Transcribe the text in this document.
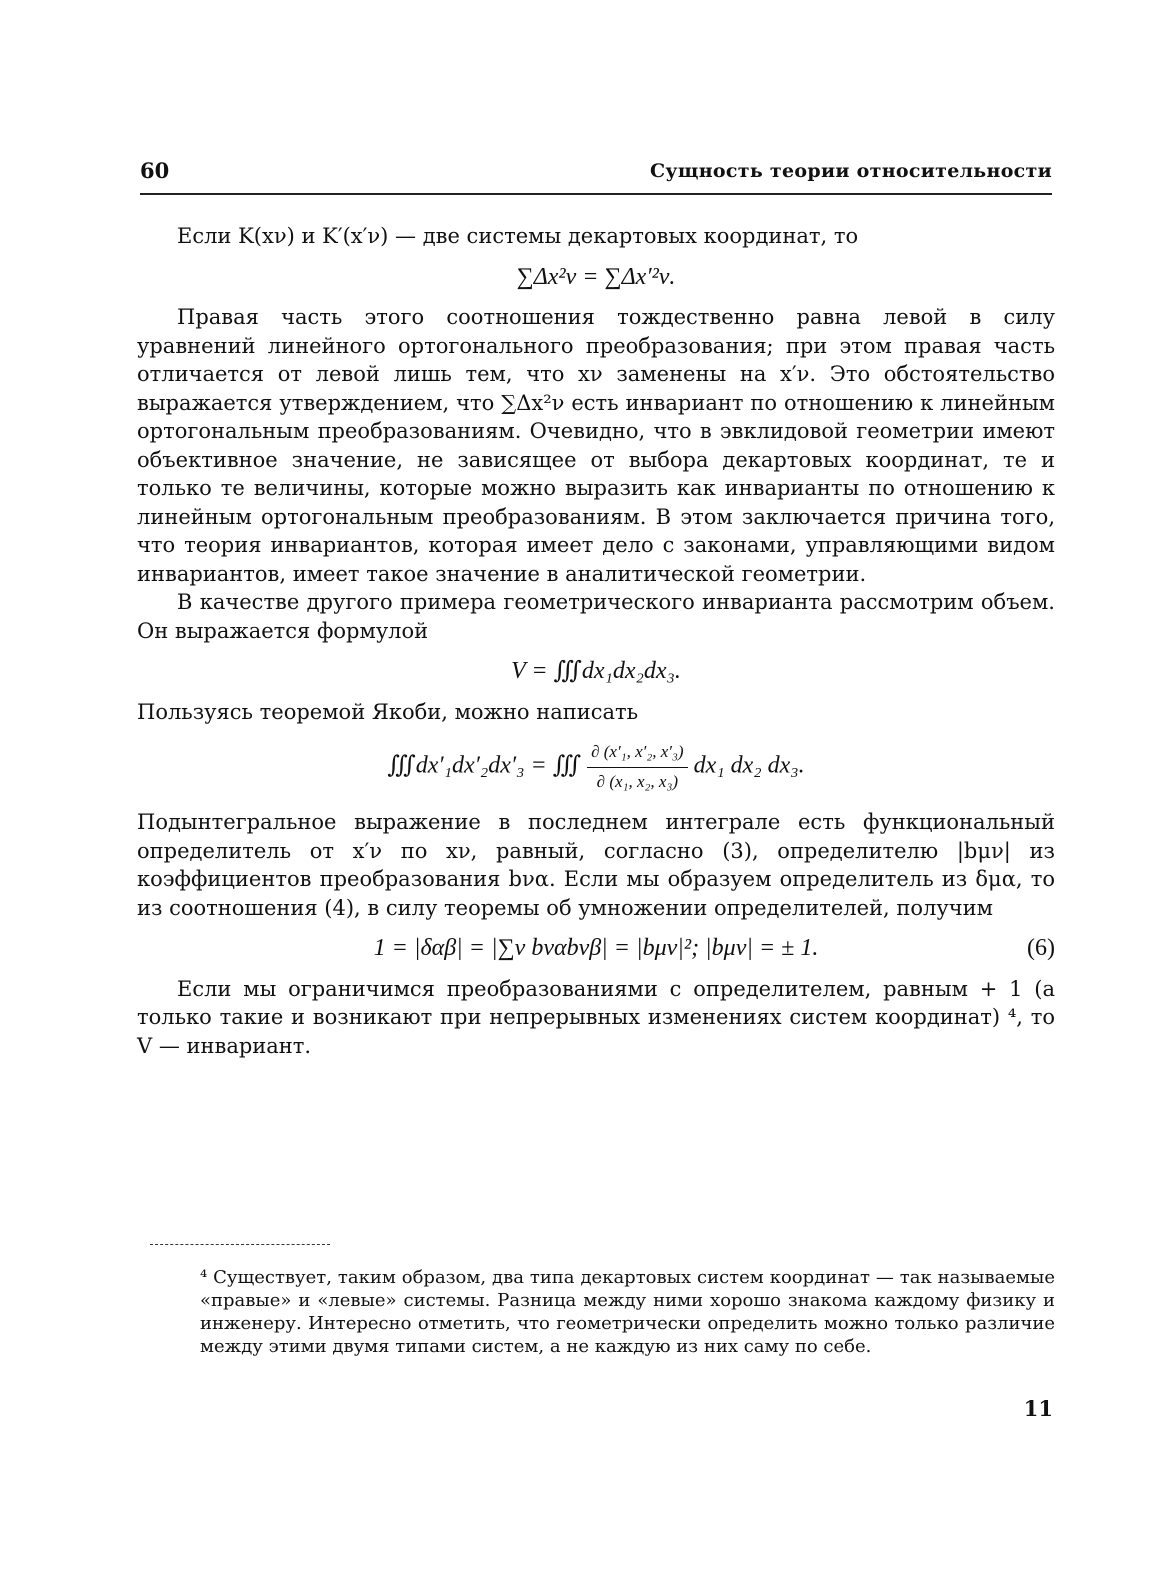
60	Сущность теории относительности

Если K(xν) и K′(x′ν) — две системы декартовых координат, то

∑Δx²ν = ∑Δx′²ν.

Правая часть этого соотношения тождественно равна левой в силу уравнений линейного ортогонального преобразования; при этом правая часть отличается от левой лишь тем, что xν заменены на x′ν. Это обстоятельство выражается утверждением, что ∑Δx²ν есть инвариант по отношению к линейным ортогональным преобразованиям. Очевидно, что в эвклидовой геометрии имеют объективное значение, не зависящее от выбора декартовых координат, те и только те величины, которые можно выразить как инварианты по отношению к линейным ортогональным преобразованиям. В этом заключается причина того, что теория инвариантов, которая имеет дело с законами, управляющими видом инвариантов, имеет такое значение в аналитической геометрии.

В качестве другого примера геометрического инварианта рассмотрим объем. Он выражается формулой

V = ∭dx₁dx₂dx₃.

Пользуясь теоремой Якоби, можно написать

∭dx′₁dx′₂dx′₃ = ∭ $\frac{\text{∂ (x′₁, x′₂, x′₃)}}{\text{∂ (x₁, x₂, x₃)}} dx_1$ dx₂ dx₃.

Подынтегральное выражение в последнем интеграле есть функциональный определитель от x′ν по xν, равный, согласно (3), определителю |bμν| из коэффициентов преобразования bνα. Если мы образуем определитель из δμα, то из соотношения (4), в силу теоремы об умножении определителей, получим

1 = |δαβ| = |∑ν bναbνβ| = |bμν|²; |bμν| = ± 1.	(6)

Если мы ограничимся преобразованиями с определителем, равным + 1 (а только такие и возникают при непрерывных изменениях систем координат) ⁴, то V — инвариант.

⁴ Существует, таким образом, два типа декартовых систем координат — так называемые «правые» и «левые» системы. Разница между ними хорошо знакома каждому физику и инженеру. Интересно отметить, что геометрически определить можно только различие между этими двумя типами систем, а не каждую из них саму по себе.
11
